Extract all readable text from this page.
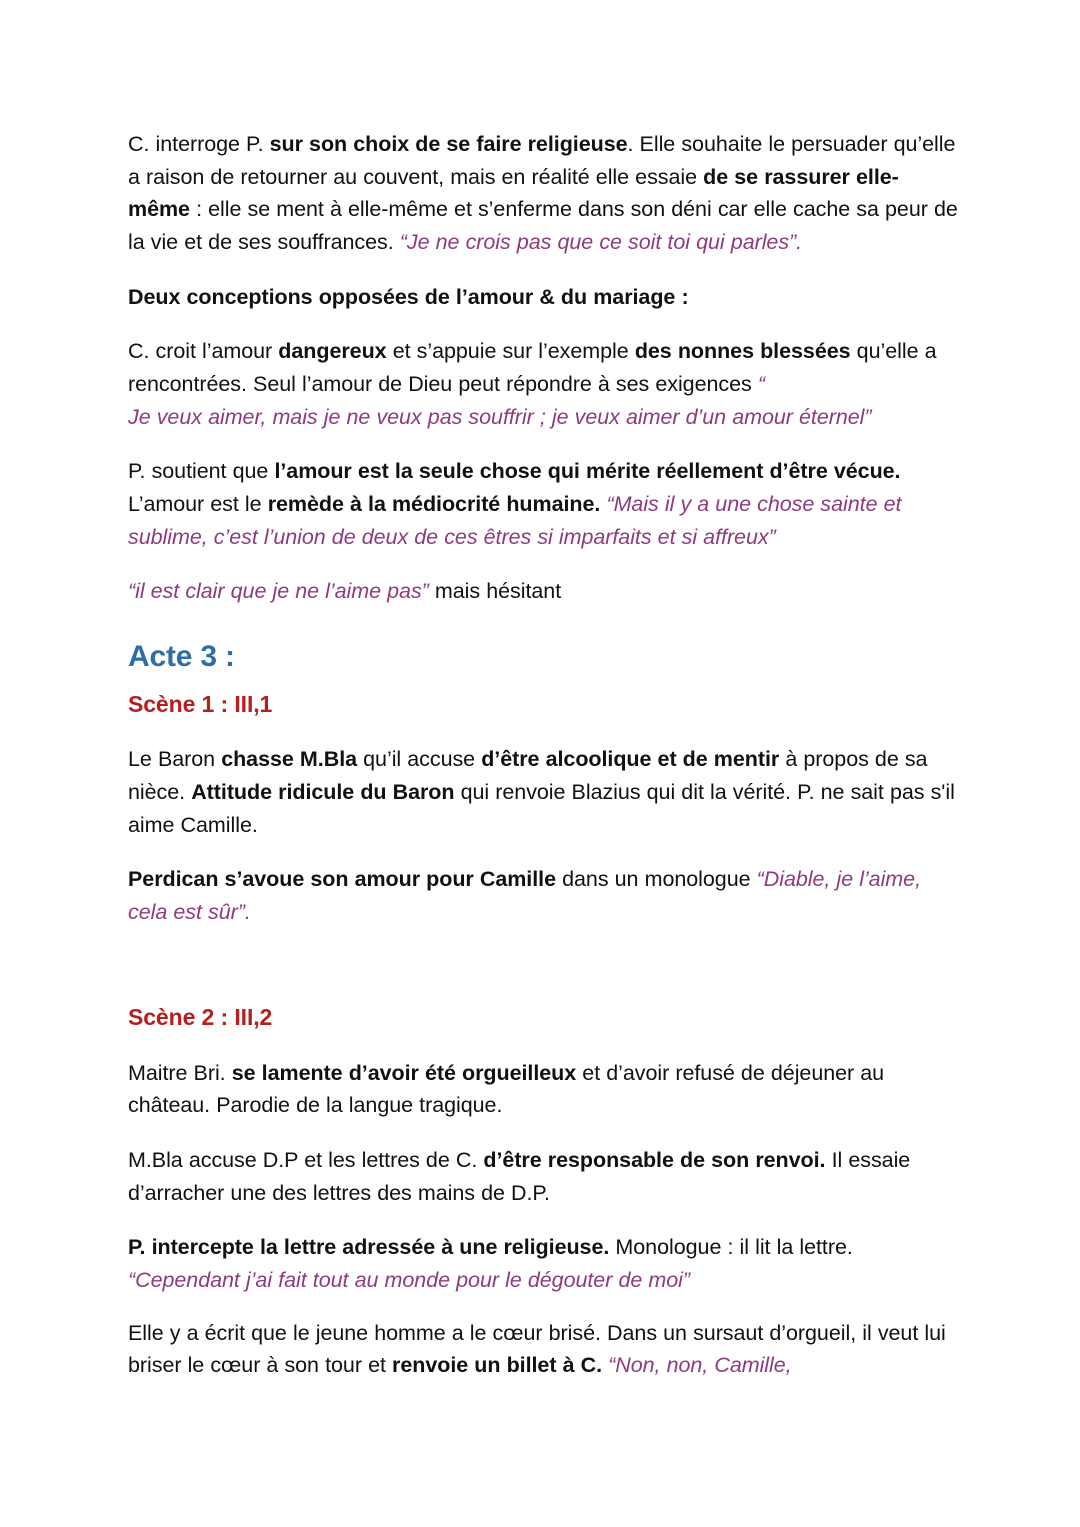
C. interroge P. sur son choix de se faire religieuse. Elle souhaite le persuader qu’elle a raison de retourner au couvent, mais en réalité elle essaie de se rassurer elle-même : elle se ment à elle-même et s’enferme dans son déni car elle cache sa peur de la vie et de ses souffrances. “Je ne crois pas que ce soit toi qui parles”.

Deux conceptions opposées de l’amour & du mariage :

C. croit l’amour dangereux et s’appuie sur l’exemple des nonnes blessées qu’elle a rencontrées. Seul l’amour de Dieu peut répondre à ses exigences “
Je veux aimer, mais je ne veux pas souffrir ; je veux aimer d’un amour éternel”

P. soutient que l’amour est la seule chose qui mérite réellement d’être vécue. L’amour est le remède à la médiocrité humaine. “Mais il y a une chose sainte et sublime, c’est l’union de deux de ces êtres si imparfaits et si affreux”

“il est clair que je ne l’aime pas” mais hésitant

Acte 3 :
Scène 1 : III,1

Le Baron chasse M.Bla qu’il accuse d’être alcoolique et de mentir à propos de sa nièce. Attitude ridicule du Baron qui renvoie Blazius qui dit la vérité. P. ne sait pas s'il aime Camille.

Perdican s’avoue son amour pour Camille dans un monologue “Diable, je l’aime, cela est sûr”.

Scène 2 : III,2

Maitre Bri. se lamente d’avoir été orgueilleux et d’avoir refusé de déjeuner au château. Parodie de la langue tragique.

M.Bla accuse D.P et les lettres de C. d’être responsable de son renvoi. Il essaie d’arracher une des lettres des mains de D.P.

P. intercepte la lettre adressée à une religieuse. Monologue : il lit la lettre.
“Cependant j’ai fait tout au monde pour le dégouter de moi”

Elle y a écrit que le jeune homme a le cœur brisé. Dans un sursaut d’orgueil, il veut lui briser le cœur à son tour et renvoie un billet à C. “Non, non, Camille,
